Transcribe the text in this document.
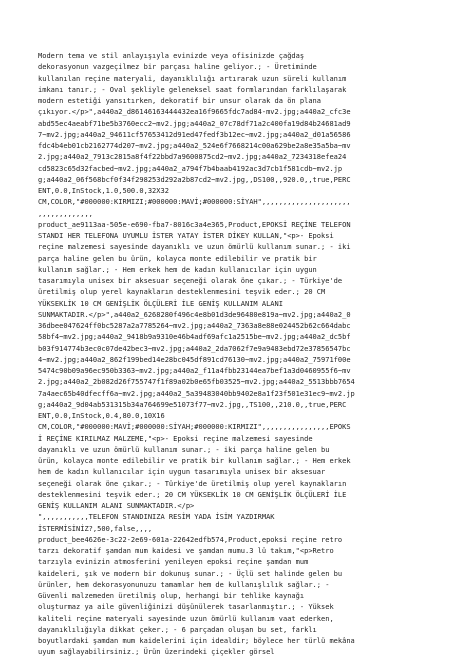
Modern tema ve stil anlayışıyla evinizde veya ofisinizde çağdaş
dekorasyonun vazgeçilmez bir parçası haline geliyor.; - Üretiminde
kullanılan reçine materyali, dayanıklılığı artırarak uzun süreli kullanım
imkanı tanır.; - Oval şekliyle geleneksel saat formlarından farklılaşarak
modern estetiği yansıtırken, dekoratif bir unsur olarak da ön plana
çıkıyor.</p>",a440a2_d86146163444432ea16f9665fdc7ad84-mv2.jpg;a440a2_cfc3e
abd55ec4aeabf71be5b3760ecc2~mv2.jpg;a440a2_07c78df71a2c400fa19d84b24681ad9
7~mv2.jpg;a440a2_94611cf57653412d91ed47fedf3b12ec~mv2.jpg;a440a2_d01a56586
fdc4b4eb01cb2162774d207~mv2.jpg;a440a2_524e6f7668214c00a629be2a8e35a5ba~mv
2.jpg;a440a2_7913c2815a8f4f22bbd7a9600875cd2~mv2.jpg;a440a2_7234318efea24
cd5823c65d32facbed~mv2.jpg;a440a2_a794f7b4baab4192ac3d7cb1f581cdb~mv2.jp
g;a440a2_06f568bcf0f34f298253d292a2b87cd2~mv2.jpg,,DS100,,920.0,,true,PERC
ENT,0.0,InStock,1.0,500.0,32X32
CM,COLOR,"#000000:KIRMIZI;#000000:MAVİ;#000000:SİYAH",,,,,,,,,,,,,,,,,,,,,
,,,,,,,,,,,,,
product_ae9113aa-505e-e690-fba7-8016c3a4e365,Product,EPOKSİ REÇİNE TELEFON
STANDI HER TELEFONA UYUMLU İSTER YATAY İSTER DİKEY KULLAN,"<p>- Epoksi
reçine malzemesi sayesinde dayanıklı ve uzun ömürlü kullanım sunar.; - iki
parça haline gelen bu ürün, kolayca monte edilebilir ve pratik bir
kullanım sağlar.; - Hem erkek hem de kadın kullanıcılar için uygun
tasarımıyla unisex bir aksesuar seçeneği olarak öne çıkar.; - Türkiye'de
üretilmiş olup yerel kaynakların desteklenmesini teşvik eder.; 20 CM
YÜKSEKLİK 10 CM GENİŞLİK ÖLÇÜLERİ İLE GENİŞ KULLANIM ALANI
SUNMAKTADIR.</p>",a440a2_6268280f496c4e8b01d3de96480e819a~mv2.jpg;a440a2_0
36dbee047624ff0bc5287a2a7785264~mv2.jpg;a440a2_7363a8e88e024452b62c664dabc
58bf4~mv2.jpg;a440a2_9418b9a9310e46b4adf69afc1a2515be~mv2.jpg;a440a2_dc5bf
b03f914774b3ec0c07de42bec3~mv2.jpg;a440a2_2da7062f7e9a9483ebd72e37856547bc
4~mv2.jpg;a440a2_862f199bed14e28bc045df891cd76130~mv2.jpg;a440a2_75971f00e
5474c90b09a96ec950b3363~mv2.jpg;a440a2_f11a4fbb23144ea7bef1a3d0460955f6~mv
2.jpg;a440a2_2b082d26f755747f1f89a02b0e65fb03525~mv2.jpg;a440a2_5513bbb7654
7a4aec65b40dfecff6a~mv2.jpg;a440a2_5a39483040bb9402e8a1f23f501e31ec9~mv2.jp
g;a440a2_9d04ab531315b34a764699e51073f77~mv2.jpg,,TS100,,210.0,,true,PERC
ENT,0.0,InStock,0.4,80.0,10X16
CM,COLOR,"#000000:MAVİ;#000000:SİYAH;#000000:KIRMIZI",,,,,,,,,,,,,,,,EPOKS
İ REÇİNE KIRILMAZ MALZEME,"<p>- Epoksi reçine malzemesi sayesinde
dayanıklı ve uzun ömürlü kullanım sunar.; - iki parça haline gelen bu
ürün, kolayca monte edilebilir ve pratik bir kullanım sağlar.; - Hem erkek
hem de kadın kullanıcılar için uygun tasarımıyla unisex bir aksesuar
seçeneği olarak öne çıkar.; - Türkiye'de üretilmiş olup yerel kaynakların
desteklenmesini teşvik eder.; 20 CM YÜKSEKLİK 10 CM GENİŞLİK ÖLÇÜLERİ İLE
GENİŞ KULLANIM ALANI SUNMAKTADIR.</p>
",,,,,,,,,,,TELEFON STANDINIZA RESİM YADA İSİM YAZDIRMAK
İSTERMİSİNİZ?,500,false,,,,
product_bee4626e-3c22-2e69-601a-22642edfb574,Product,epoksi reçine retro
tarzı dekoratif şamdan mum kaidesi ve şamdan mumu.3 lü takım,"<p>Retro
tarzıyla evinizin atmosferini yenileyen epoksi reçine şamdan mum
kaideleri, şık ve modern bir dokunuş sunar.; - Üçlü set halinde gelen bu
ürünler, hem dekorasyonunuzu tamamlar hem de kullanışlılık sağlar.; -
Güvenli malzemeden üretilmiş olup, herhangi bir tehlike kaynağı
oluşturmaz ya aile güvenliğinizi düşünülerek tasarlanmıştır.; - Yüksek
kaliteli reçine materyali sayesinde uzun ömürlü kullanım vaat ederken,
dayanıklılığıyla dikkat çeker.; - 6 parçadan oluşan bu set, farklı
boyutlardaki şamdan mum kaidelerini için idealdir; böylece her türlü mekâna
uyum sağlayabilirsiniz.; Ürün üzerindeki çiçekler görsel
